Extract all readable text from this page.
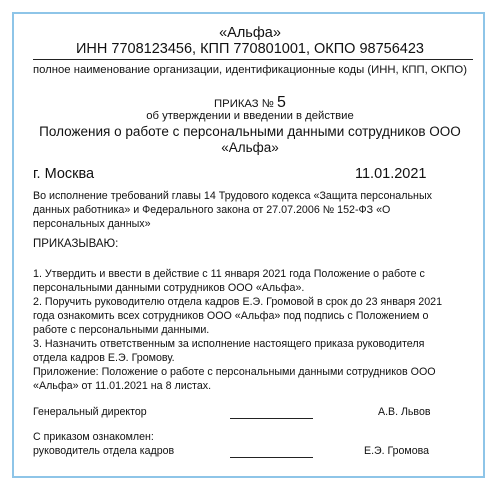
«Альфа»
ИНН 7708123456, КПП 770801001, ОКПО 98756423
полное наименование организации, идентификационные коды (ИНН, КПП, ОКПО)
ПРИКАЗ № 5
об утверждении и введении в действие
Положения о работе с персональными данными сотрудников ООО
«Альфа»
г. Москва	11.01.2021

Во исполнение требований главы 14 Трудового кодекса «Защита персональных

данных работника» и Федерального закона от 27.07.2006 № 152-ФЗ «О

персональных данных»

ПРИКАЗЫВАЮ:

1. Утвердить и ввести в действие с 11 января 2021 года Положение о работе с

персональными данными сотрудников ООО «Альфа».

2. Поручить руководителю отдела кадров Е.Э. Громовой в срок до 23 января 2021

года ознакомить всех сотрудников ООО «Альфа» под подпись с Положением о

работе с персональными данными.

3. Назначить ответственным за исполнение настоящего приказа руководителя

отдела кадров Е.Э. Громову.

Приложение: Положение о работе с персональными данными сотрудников ООО

«Альфа» от 11.01.2021 на 8 листах.

Генеральный директор	А.В. Львов
С приказом ознакомлен:
руководитель отдела кадров	Е.Э. Громова
